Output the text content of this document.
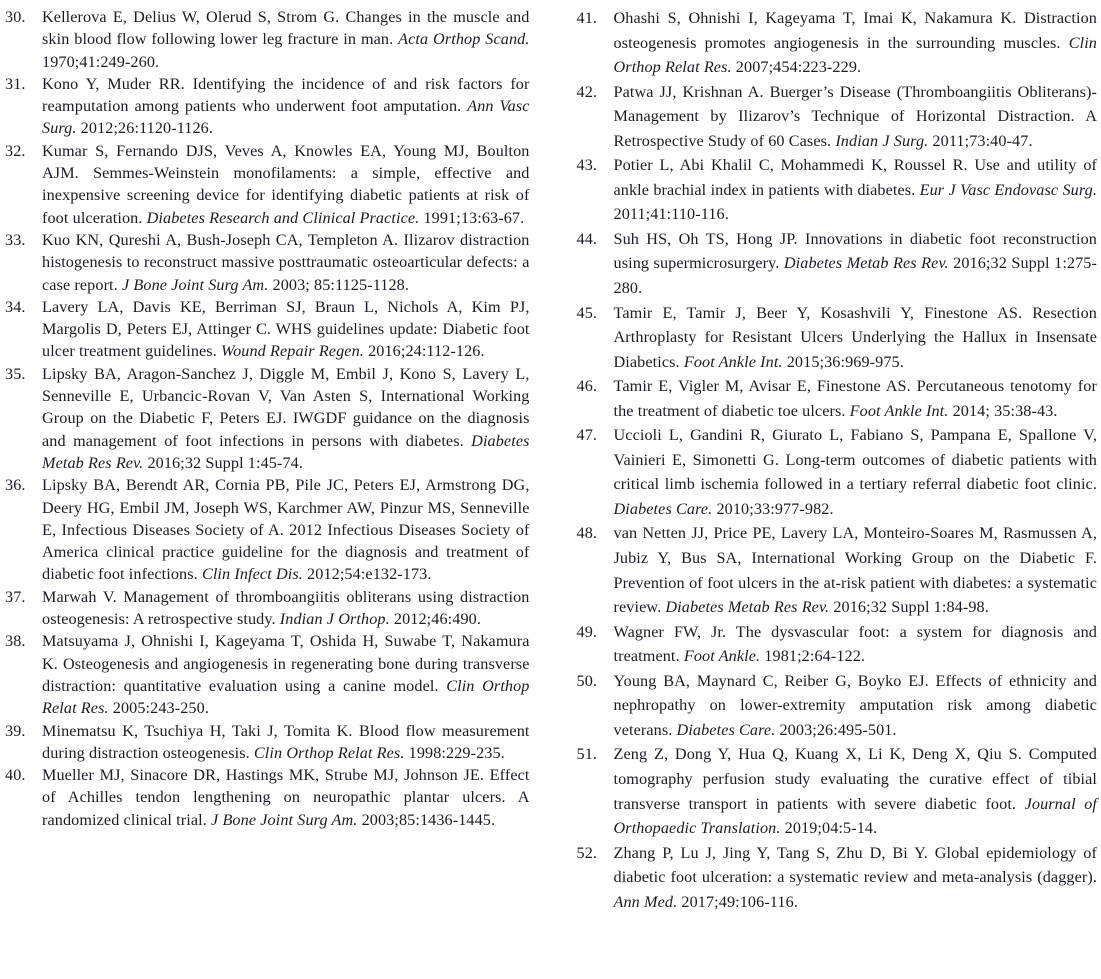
30. Kellerova E, Delius W, Olerud S, Strom G. Changes in the muscle and skin blood flow following lower leg fracture in man. Acta Orthop Scand. 1970;41:249-260.
31. Kono Y, Muder RR. Identifying the incidence of and risk factors for reamputation among patients who underwent foot amputation. Ann Vasc Surg. 2012;26:1120-1126.
32. Kumar S, Fernando DJS, Veves A, Knowles EA, Young MJ, Boulton AJM. Semmes-Weinstein monofilaments: a simple, effective and inexpensive screening device for identifying diabetic patients at risk of foot ulceration. Diabetes Research and Clinical Practice. 1991;13:63-67.
33. Kuo KN, Qureshi A, Bush-Joseph CA, Templeton A. Ilizarov distraction histogenesis to reconstruct massive posttraumatic osteoarticular defects: a case report. J Bone Joint Surg Am. 2003; 85:1125-1128.
34. Lavery LA, Davis KE, Berriman SJ, Braun L, Nichols A, Kim PJ, Margolis D, Peters EJ, Attinger C. WHS guidelines update: Diabetic foot ulcer treatment guidelines. Wound Repair Regen. 2016;24:112-126.
35. Lipsky BA, Aragon-Sanchez J, Diggle M, Embil J, Kono S, Lavery L, Senneville E, Urbancic-Rovan V, Van Asten S, International Working Group on the Diabetic F, Peters EJ. IWGDF guidance on the diagnosis and management of foot infections in persons with diabetes. Diabetes Metab Res Rev. 2016;32 Suppl 1:45-74.
36. Lipsky BA, Berendt AR, Cornia PB, Pile JC, Peters EJ, Armstrong DG, Deery HG, Embil JM, Joseph WS, Karchmer AW, Pinzur MS, Senneville E, Infectious Diseases Society of A. 2012 Infectious Diseases Society of America clinical practice guideline for the diagnosis and treatment of diabetic foot infections. Clin Infect Dis. 2012;54:e132-173.
37. Marwah V. Management of thromboangiitis obliterans using distraction osteogenesis: A retrospective study. Indian J Orthop. 2012;46:490.
38. Matsuyama J, Ohnishi I, Kageyama T, Oshida H, Suwabe T, Nakamura K. Osteogenesis and angiogenesis in regenerating bone during transverse distraction: quantitative evaluation using a canine model. Clin Orthop Relat Res. 2005:243-250.
39. Minematsu K, Tsuchiya H, Taki J, Tomita K. Blood flow measurement during distraction osteogenesis. Clin Orthop Relat Res. 1998:229-235.
40. Mueller MJ, Sinacore DR, Hastings MK, Strube MJ, Johnson JE. Effect of Achilles tendon lengthening on neuropathic plantar ulcers. A randomized clinical trial. J Bone Joint Surg Am. 2003;85:1436-1445.
41. Ohashi S, Ohnishi I, Kageyama T, Imai K, Nakamura K. Distraction osteogenesis promotes angiogenesis in the surrounding muscles. Clin Orthop Relat Res. 2007;454:223-229.
42. Patwa JJ, Krishnan A. Buerger’s Disease (Thromboangiitis Obliterans)- Management by Ilizarov’s Technique of Horizontal Distraction. A Retrospective Study of 60 Cases. Indian J Surg. 2011;73:40-47.
43. Potier L, Abi Khalil C, Mohammedi K, Roussel R. Use and utility of ankle brachial index in patients with diabetes. Eur J Vasc Endovasc Surg. 2011;41:110-116.
44. Suh HS, Oh TS, Hong JP. Innovations in diabetic foot reconstruction using supermicrosurgery. Diabetes Metab Res Rev. 2016;32 Suppl 1:275-280.
45. Tamir E, Tamir J, Beer Y, Kosashvili Y, Finestone AS. Resection Arthroplasty for Resistant Ulcers Underlying the Hallux in Insensate Diabetics. Foot Ankle Int. 2015;36:969-975.
46. Tamir E, Vigler M, Avisar E, Finestone AS. Percutaneous tenotomy for the treatment of diabetic toe ulcers. Foot Ankle Int. 2014; 35:38-43.
47. Uccioli L, Gandini R, Giurato L, Fabiano S, Pampana E, Spallone V, Vainieri E, Simonetti G. Long-term outcomes of diabetic patients with critical limb ischemia followed in a tertiary referral diabetic foot clinic. Diabetes Care. 2010;33:977-982.
48. van Netten JJ, Price PE, Lavery LA, Monteiro-Soares M, Rasmussen A, Jubiz Y, Bus SA, International Working Group on the Diabetic F. Prevention of foot ulcers in the at-risk patient with diabetes: a systematic review. Diabetes Metab Res Rev. 2016;32 Suppl 1:84-98.
49. Wagner FW, Jr. The dysvascular foot: a system for diagnosis and treatment. Foot Ankle. 1981;2:64-122.
50. Young BA, Maynard C, Reiber G, Boyko EJ. Effects of ethnicity and nephropathy on lower-extremity amputation risk among diabetic veterans. Diabetes Care. 2003;26:495-501.
51. Zeng Z, Dong Y, Hua Q, Kuang X, Li K, Deng X, Qiu S. Computed tomography perfusion study evaluating the curative effect of tibial transverse transport in patients with severe diabetic foot. Journal of Orthopaedic Translation. 2019;04:5-14.
52. Zhang P, Lu J, Jing Y, Tang S, Zhu D, Bi Y. Global epidemiology of diabetic foot ulceration: a systematic review and meta-analysis (dagger). Ann Med. 2017;49:106-116.
